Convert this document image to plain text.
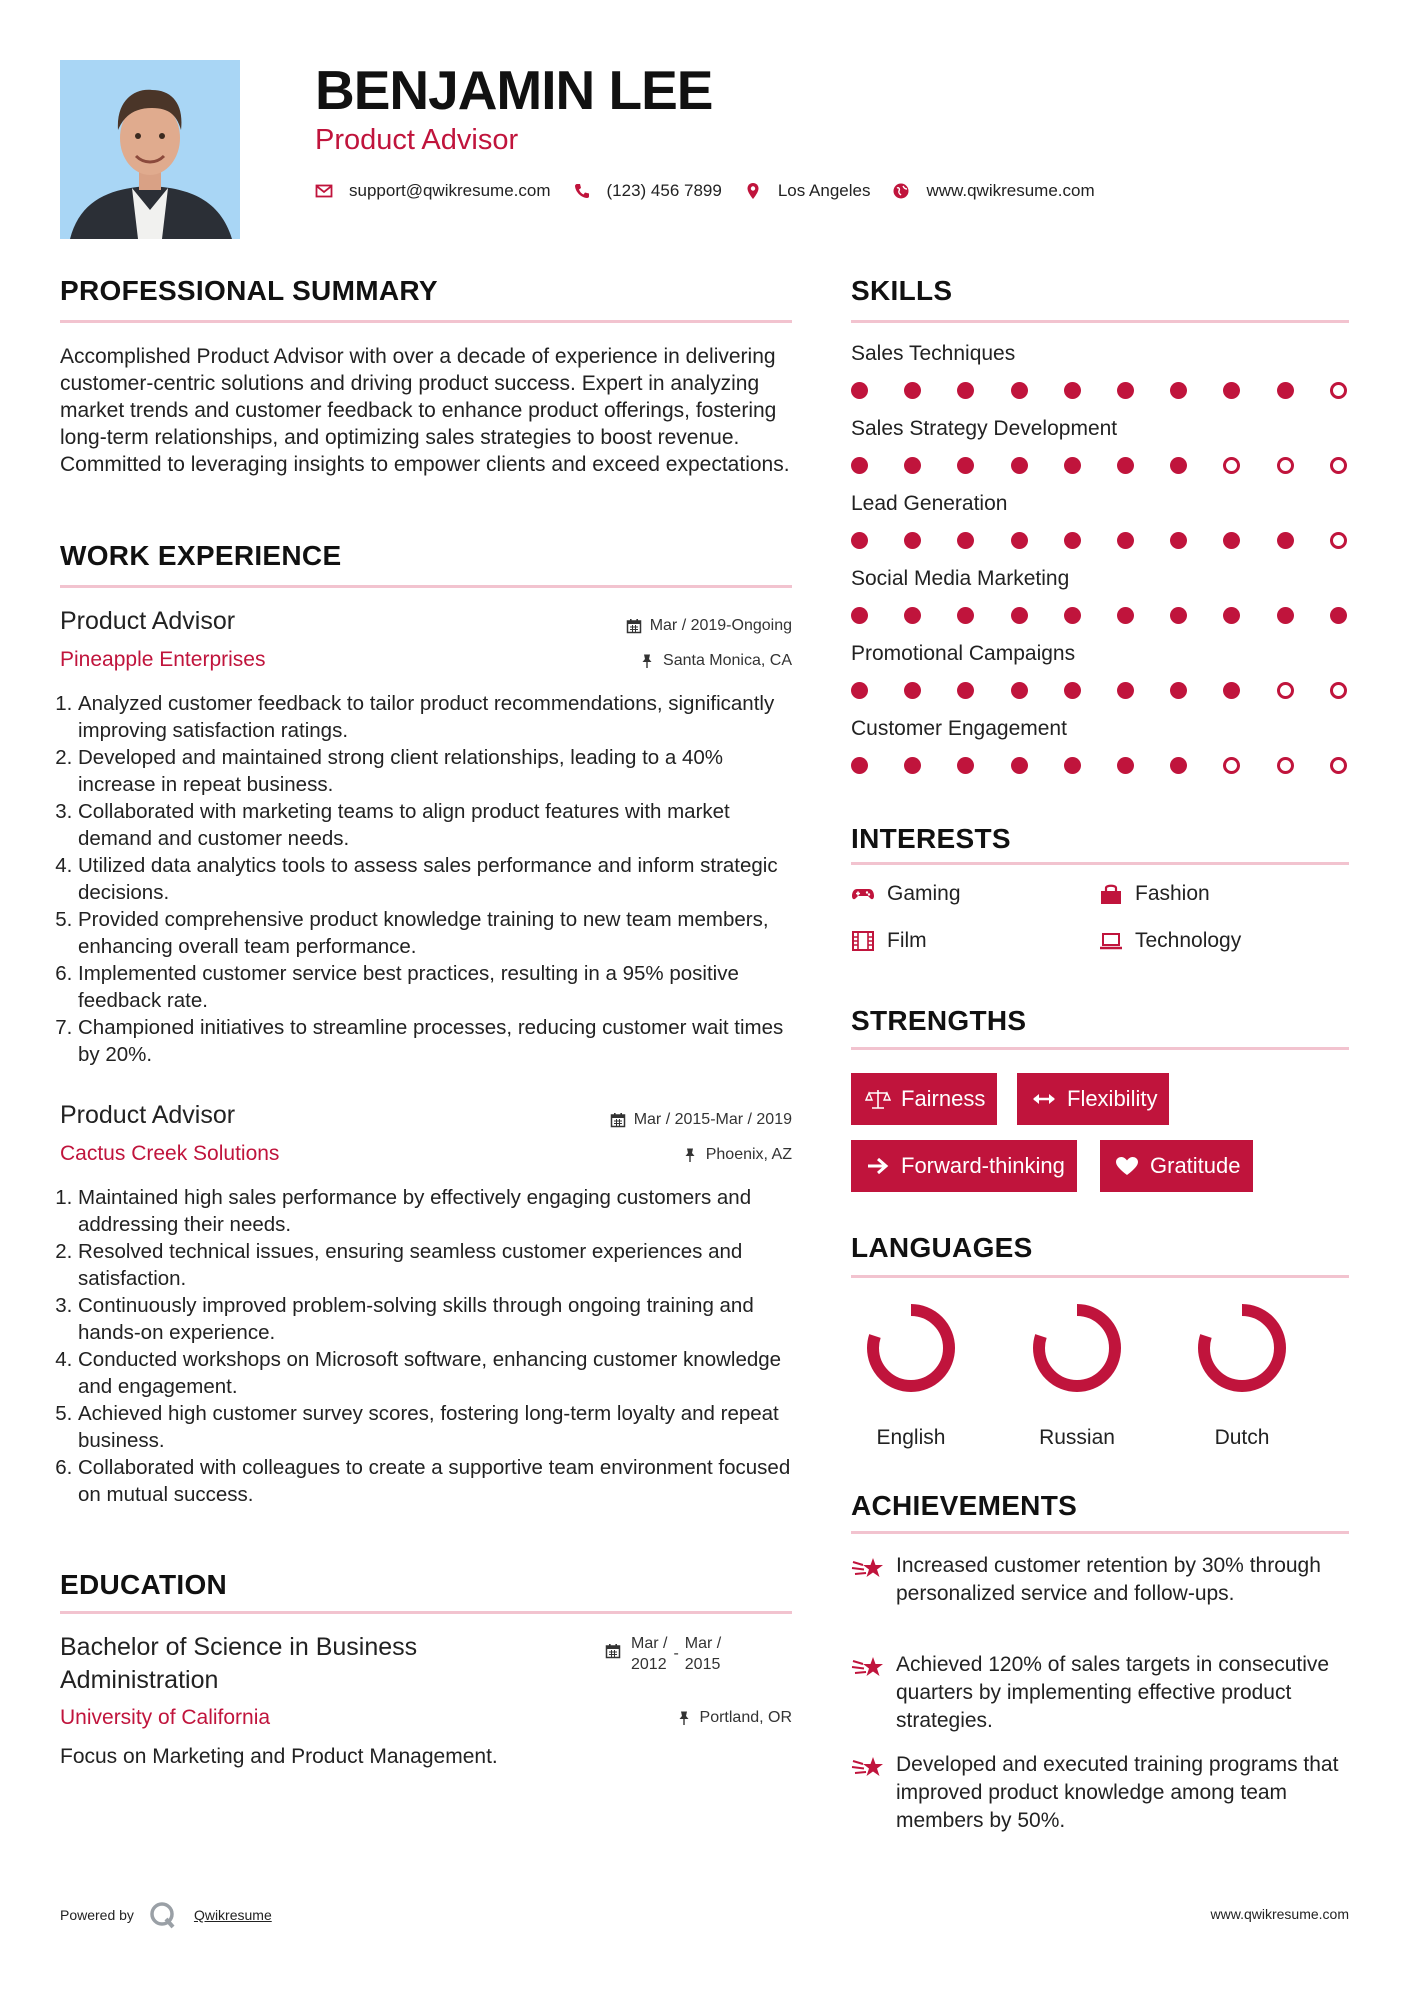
BENJAMIN LEE
Product Advisor
support@qwikresume.com	(123) 456 7899	Los Angeles	www.qwikresume.com
PROFESSIONAL SUMMARY
Accomplished Product Advisor with over a decade of experience in delivering customer-centric solutions and driving product success. Expert in analyzing market trends and customer feedback to enhance product offerings, fostering long-term relationships, and optimizing sales strategies to boost revenue. Committed to leveraging insights to empower clients and exceed expectations.
WORK EXPERIENCE
Product Advisor
Pineapple Enterprises
Mar / 2019-Ongoing
Santa Monica, CA
1. Analyzed customer feedback to tailor product recommendations, significantly improving satisfaction ratings.
2. Developed and maintained strong client relationships, leading to a 40% increase in repeat business.
3. Collaborated with marketing teams to align product features with market demand and customer needs.
4. Utilized data analytics tools to assess sales performance and inform strategic decisions.
5. Provided comprehensive product knowledge training to new team members, enhancing overall team performance.
6. Implemented customer service best practices, resulting in a 95% positive feedback rate.
7. Championed initiatives to streamline processes, reducing customer wait times by 20%.
Product Advisor
Cactus Creek Solutions
Mar / 2015-Mar / 2019
Phoenix, AZ
1. Maintained high sales performance by effectively engaging customers and addressing their needs.
2. Resolved technical issues, ensuring seamless customer experiences and satisfaction.
3. Continuously improved problem-solving skills through ongoing training and hands-on experience.
4. Conducted workshops on Microsoft software, enhancing customer knowledge and engagement.
5. Achieved high customer survey scores, fostering long-term loyalty and repeat business.
6. Collaborated with colleagues to create a supportive team environment focused on mutual success.
EDUCATION
Bachelor of Science in Business Administration
Mar /
2012
-
Mar /
2015
University of California	Portland, OR
Focus on Marketing and Product Management.
SKILLS
Sales Techniques
Sales Strategy Development
Lead Generation
Social Media Marketing
Promotional Campaigns
Customer Engagement
INTERESTS
Gaming	Fashion
Film	Technology
STRENGTHS
Fairness	Flexibility
Forward-thinking	Gratitude
LANGUAGES
English	Russian	Dutch
ACHIEVEMENTS
Increased customer retention by 30% through personalized service and follow-ups.
Achieved 120% of sales targets in consecutive quarters by implementing effective product strategies.
Developed and executed training programs that improved product knowledge among team members by 50%.
Powered by	Qwikresume	www.qwikresume.com
